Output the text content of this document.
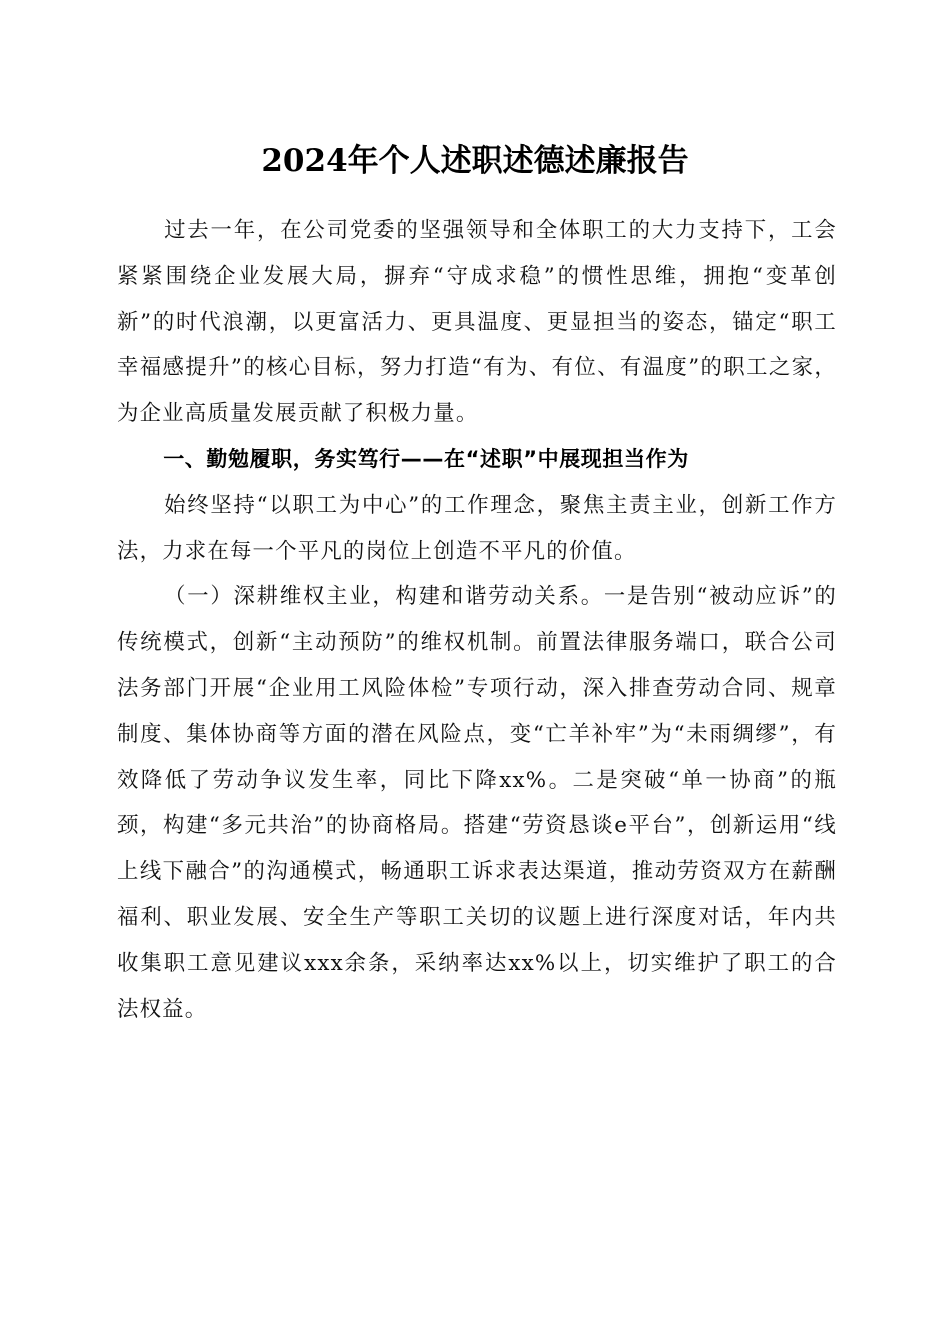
2024年个人述职述德述廉报告

过去一年，在公司党委的坚强领导和全体职工的大力支持下，工会紧紧围绕企业发展大局，摒弃“守成求稳”的惯性思维，拥抱“变革创新”的时代浪潮，以更富活力、更具温度、更显担当的姿态，锚定“职工幸福感提升”的核心目标，努力打造“有为、有位、有温度”的职工之家，为企业高质量发展贡献了积极力量。

一、勤勉履职，务实笃行——在“述职”中展现担当作为

始终坚持“以职工为中心”的工作理念，聚焦主责主业，创新工作方法，力求在每一个平凡的岗位上创造不平凡的价值。

（一）深耕维权主业，构建和谐劳动关系。一是告别“被动应诉”的传统模式，创新“主动预防”的维权机制。前置法律服务端口，联合公司法务部门开展“企业用工风险体检”专项行动，深入排查劳动合同、规章制度、集体协商等方面的潜在风险点，变“亡羊补牢”为“未雨绸缪”，有效降低了劳动争议发生率，同比下降xx%。二是突破“单一协商”的瓶颈，构建“多元共治”的协商格局。搭建“劳资恳谈e平台”，创新运用“线上线下融合”的沟通模式，畅通职工诉求表达渠道，推动劳资双方在薪酬福利、职业发展、安全生产等职工关切的议题上进行深度对话，年内共收集职工意见建议xxx余条，采纳率达xx%以上，切实维护了职工的合法权益。
